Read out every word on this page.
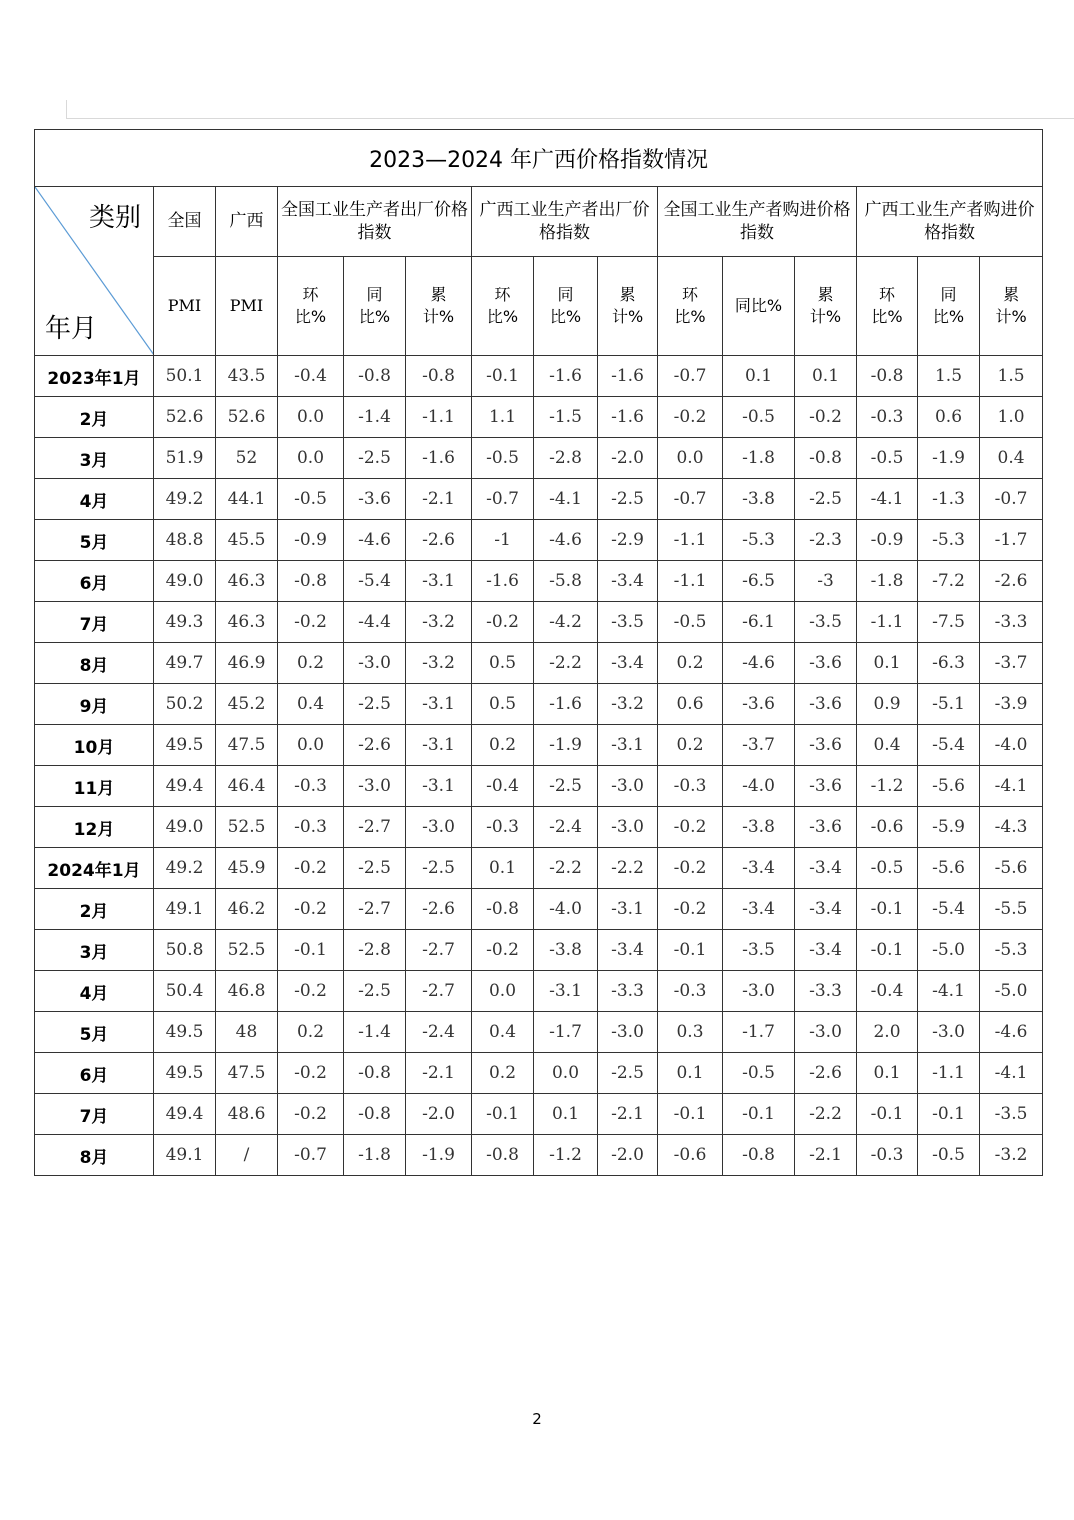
2023—2024 年广西价格指数情况														

类别
年月	全国	广西	全国工业生产者出厂价格指数			广西工业生产者出厂价格指数			全国工业生产者购进价格指数			广西工业生产者购进价格指数		
	PMI	PMI	环比%	同比%	累计%	环比%	同比%	累计%	环比%	同比%	累计%	环比%	同比%	累计%
2023年1月	50.1	43.5	-0.4	-0.8	-0.8	-0.1	-1.6	-1.6	-0.7	0.1	0.1	-0.8	1.5	1.5
2月	52.6	52.6	0.0	-1.4	-1.1	1.1	-1.5	-1.6	-0.2	-0.5	-0.2	-0.3	0.6	1.0
3月	51.9	52	0.0	-2.5	-1.6	-0.5	-2.8	-2.0	0.0	-1.8	-0.8	-0.5	-1.9	0.4
4月	49.2	44.1	-0.5	-3.6	-2.1	-0.7	-4.1	-2.5	-0.7	-3.8	-2.5	-4.1	-1.3	-0.7
5月	48.8	45.5	-0.9	-4.6	-2.6	-1	-4.6	-2.9	-1.1	-5.3	-2.3	-0.9	-5.3	-1.7
6月	49.0	46.3	-0.8	-5.4	-3.1	-1.6	-5.8	-3.4	-1.1	-6.5	-3	-1.8	-7.2	-2.6
7月	49.3	46.3	-0.2	-4.4	-3.2	-0.2	-4.2	-3.5	-0.5	-6.1	-3.5	-1.1	-7.5	-3.3
8月	49.7	46.9	0.2	-3.0	-3.2	0.5	-2.2	-3.4	0.2	-4.6	-3.6	0.1	-6.3	-3.7
9月	50.2	45.2	0.4	-2.5	-3.1	0.5	-1.6	-3.2	0.6	-3.6	-3.6	0.9	-5.1	-3.9
10月	49.5	47.5	0.0	-2.6	-3.1	0.2	-1.9	-3.1	0.2	-3.7	-3.6	0.4	-5.4	-4.0
11月	49.4	46.4	-0.3	-3.0	-3.1	-0.4	-2.5	-3.0	-0.3	-4.0	-3.6	-1.2	-5.6	-4.1
12月	49.0	52.5	-0.3	-2.7	-3.0	-0.3	-2.4	-3.0	-0.2	-3.8	-3.6	-0.6	-5.9	-4.3
2024年1月	49.2	45.9	-0.2	-2.5	-2.5	0.1	-2.2	-2.2	-0.2	-3.4	-3.4	-0.5	-5.6	-5.6
2月	49.1	46.2	-0.2	-2.7	-2.6	-0.8	-4.0	-3.1	-0.2	-3.4	-3.4	-0.1	-5.4	-5.5
3月	50.8	52.5	-0.1	-2.8	-2.7	-0.2	-3.8	-3.4	-0.1	-3.5	-3.4	-0.1	-5.0	-5.3
4月	50.4	46.8	-0.2	-2.5	-2.7	0.0	-3.1	-3.3	-0.3	-3.0	-3.3	-0.4	-4.1	-5.0
5月	49.5	48	0.2	-1.4	-2.4	0.4	-1.7	-3.0	0.3	-1.7	-3.0	2.0	-3.0	-4.6
6月	49.5	47.5	-0.2	-0.8	-2.1	0.2	0.0	-2.5	0.1	-0.5	-2.6	0.1	-1.1	-4.1
7月	49.4	48.6	-0.2	-0.8	-2.0	-0.1	0.1	-2.1	-0.1	-0.1	-2.2	-0.1	-0.1	-3.5
8月	49.1	/	-0.7	-1.8	-1.9	-0.8	-1.2	-2.0	-0.6	-0.8	-2.1	-0.3	-0.5	-3.2
2
